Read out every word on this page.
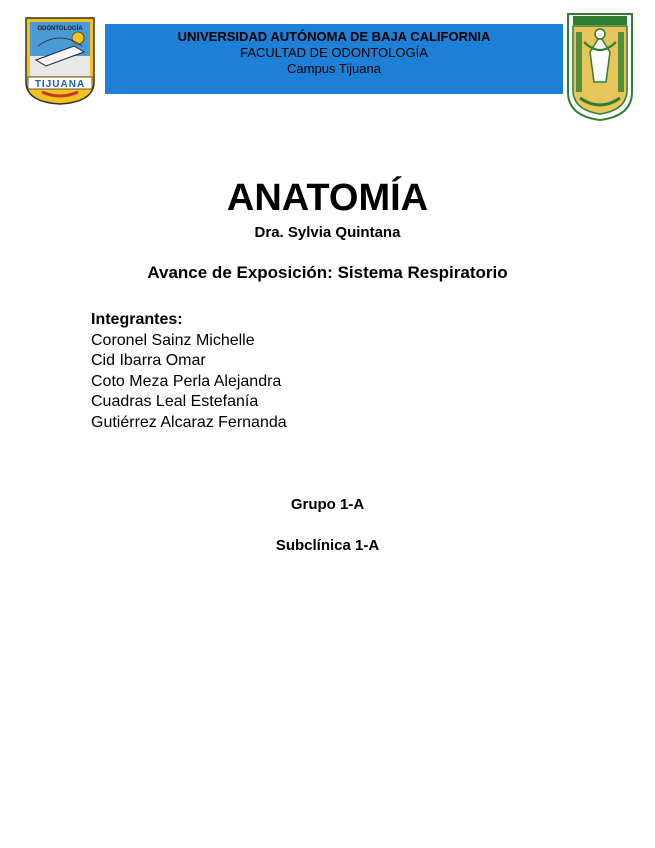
TIJUANA
ODONTOLOGÍA	UNIVERSIDAD AUTÓNOMA DE BAJA CALIFORNIA
FACULTAD DE ODONTOLOGÍA
Campus Tijuana
ANATOMÍA
Dra. Sylvia Quintana
Avance de Exposición: Sistema Respiratorio
Integrantes:
Coronel Sainz Michelle
Cid Ibarra Omar
Coto Meza Perla Alejandra
Cuadras Leal Estefanía
Gutiérrez Alcaraz Fernanda
Grupo 1-A
Subclínica 1-A
